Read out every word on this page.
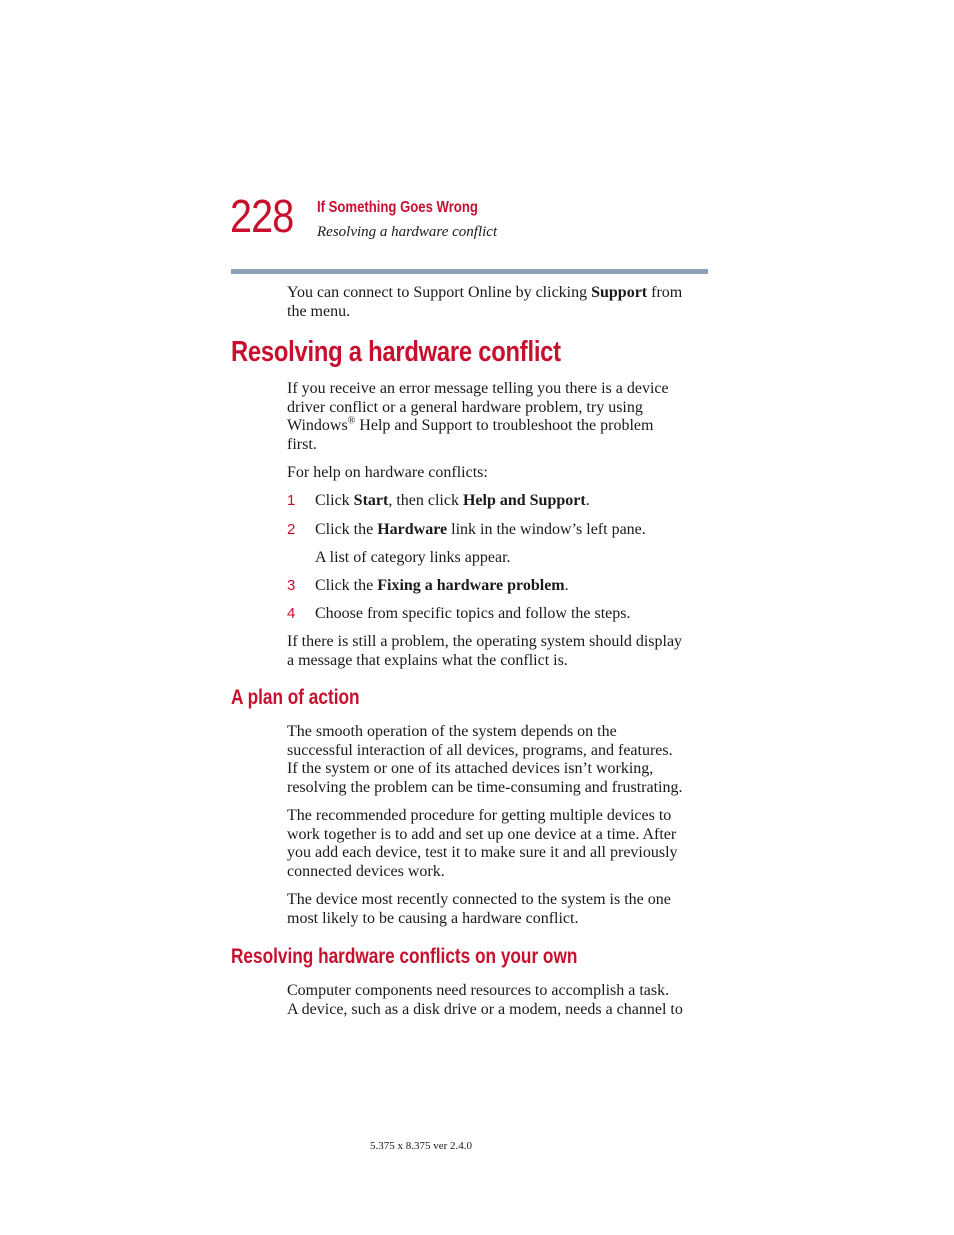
228 If Something Goes Wrong
Resolving a hardware conflict
You can connect to Support Online by clicking Support from
the menu.
Resolving a hardware conflict
If you receive an error message telling you there is a device
driver conflict or a general hardware problem, try using
Windows® Help and Support to troubleshoot the problem
first.
For help on hardware conflicts:
1 Click Start, then click Help and Support.
2 Click the Hardware link in the window’s left pane.
A list of category links appear.
3 Click the Fixing a hardware problem.
4 Choose from specific topics and follow the steps.
If there is still a problem, the operating system should display
a message that explains what the conflict is.
A plan of action
The smooth operation of the system depends on the
successful interaction of all devices, programs, and features.
If the system or one of its attached devices isn’t working,
resolving the problem can be time-consuming and frustrating.
The recommended procedure for getting multiple devices to
work together is to add and set up one device at a time. After
you add each device, test it to make sure it and all previously
connected devices work.
The device most recently connected to the system is the one
most likely to be causing a hardware conflict.
Resolving hardware conflicts on your own
Computer components need resources to accomplish a task.
A device, such as a disk drive or a modem, needs a channel to
5.375 x 8.375 ver 2.4.0
